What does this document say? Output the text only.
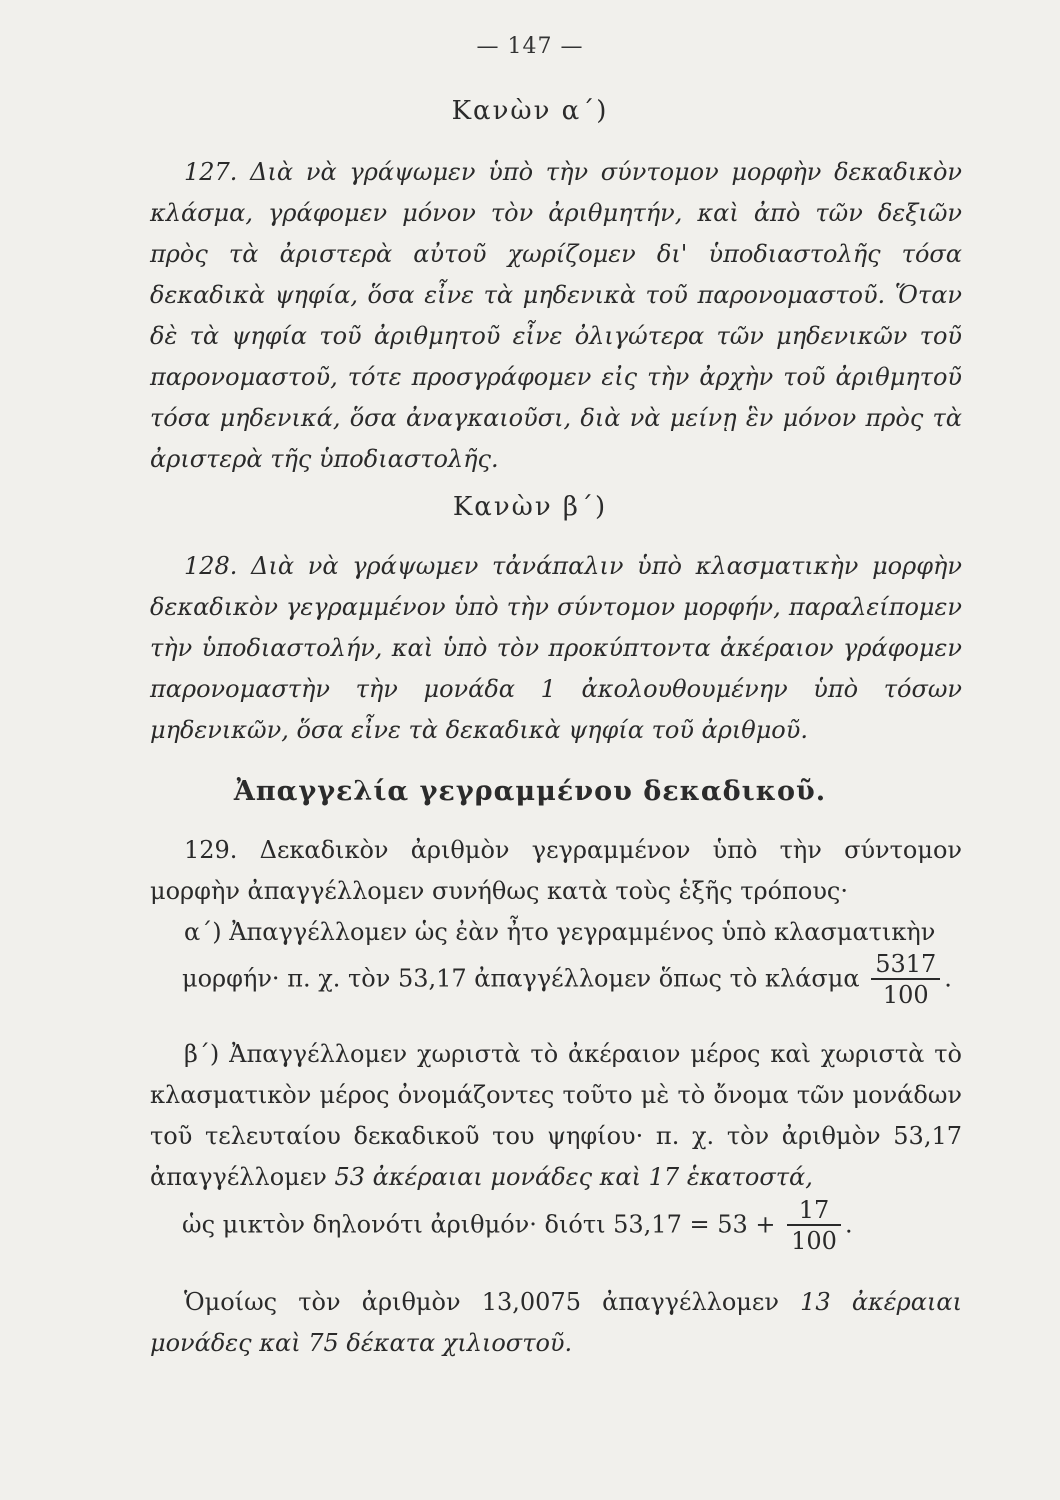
— 147 —
Κανὼν α΄)
127. Διὰ νὰ γράψωμεν ὑπὸ τὴν σύντομον μορφὴν δεκαδικὸν κλάσμα, γράφομεν μόνον τὸν ἀριθμητήν, καὶ ἀπὸ τῶν δεξιῶν πρὸς τὰ ἀριστερὰ αὐτοῦ χωρίζομεν δι' ὑποδιαστολῆς τόσα δεκαδικὰ ψηφία, ὅσα εἶνε τὰ μηδενικὰ τοῦ παρονομαστοῦ. Ὅταν δὲ τὰ ψηφία τοῦ ἀριθμητοῦ εἶνε ὀλιγώτερα τῶν μηδενικῶν τοῦ παρονομαστοῦ, τότε προσγράφομεν εἰς τὴν ἀρχὴν τοῦ ἀριθμητοῦ τόσα μηδενικά, ὅσα ἀναγκαιοῦσι, διὰ νὰ μείνῃ ἓν μόνον πρὸς τὰ ἀριστερὰ τῆς ὑποδιαστολῆς.
Κανὼν β΄)
128. Διὰ νὰ γράψωμεν τἀνάπαλιν ὑπὸ κλασματικὴν μορφὴν δεκαδικὸν γεγραμμένον ὑπὸ τὴν σύντομον μορφήν, παραλείπομεν τὴν ὑποδιαστολήν, καὶ ὑπὸ τὸν προκύπτοντα ἀκέραιον γράφομεν παρονομαστὴν τὴν μονάδα 1 ἀκολουθουμένην ὑπὸ τόσων μηδενικῶν, ὅσα εἶνε τὰ δεκαδικὰ ψηφία τοῦ ἀριθμοῦ.
Ἀπαγγελία γεγραμμένου δεκαδικοῦ.
129. Δεκαδικὸν ἀριθμὸν γεγραμμένον ὑπὸ τὴν σύντομον μορφὴν ἀπαγγέλλομεν συνήθως κατὰ τοὺς ἑξῆς τρόπους·
α΄) Ἀπαγγέλλομεν ὡς ἐὰν ἦτο γεγραμμένος ὑπὸ κλασματικὴν
μορφήν· π. χ. τὸν 53,17 ἀπαγγέλλομεν ὅπως τὸ κλάσμα $\frac{5317}{100}$ .
β΄) Ἀπαγγέλλομεν χωριστὰ τὸ ἀκέραιον μέρος καὶ χωριστὰ τὸ κλασματικὸν μέρος ὀνομάζοντες τοῦτο μὲ τὸ ὄνομα τῶν μονάδων τοῦ τελευταίου δεκαδικοῦ του ψηφίου· π. χ. τὸν ἀριθμὸν 53,17 ἀπαγγέλλομεν 53 ἀκέραιαι μονάδες καὶ 17 ἑκατοστά,
ὡς μικτὸν δηλονότι ἀριθμόν· διότι $53,17 = 53 + \frac{17}{100}$ .
Ὁμοίως τὸν ἀριθμὸν 13,0075 ἀπαγγέλλομεν 13 ἀκέραιαι μονάδες καὶ 75 δέκατα χιλιοστοῦ.
